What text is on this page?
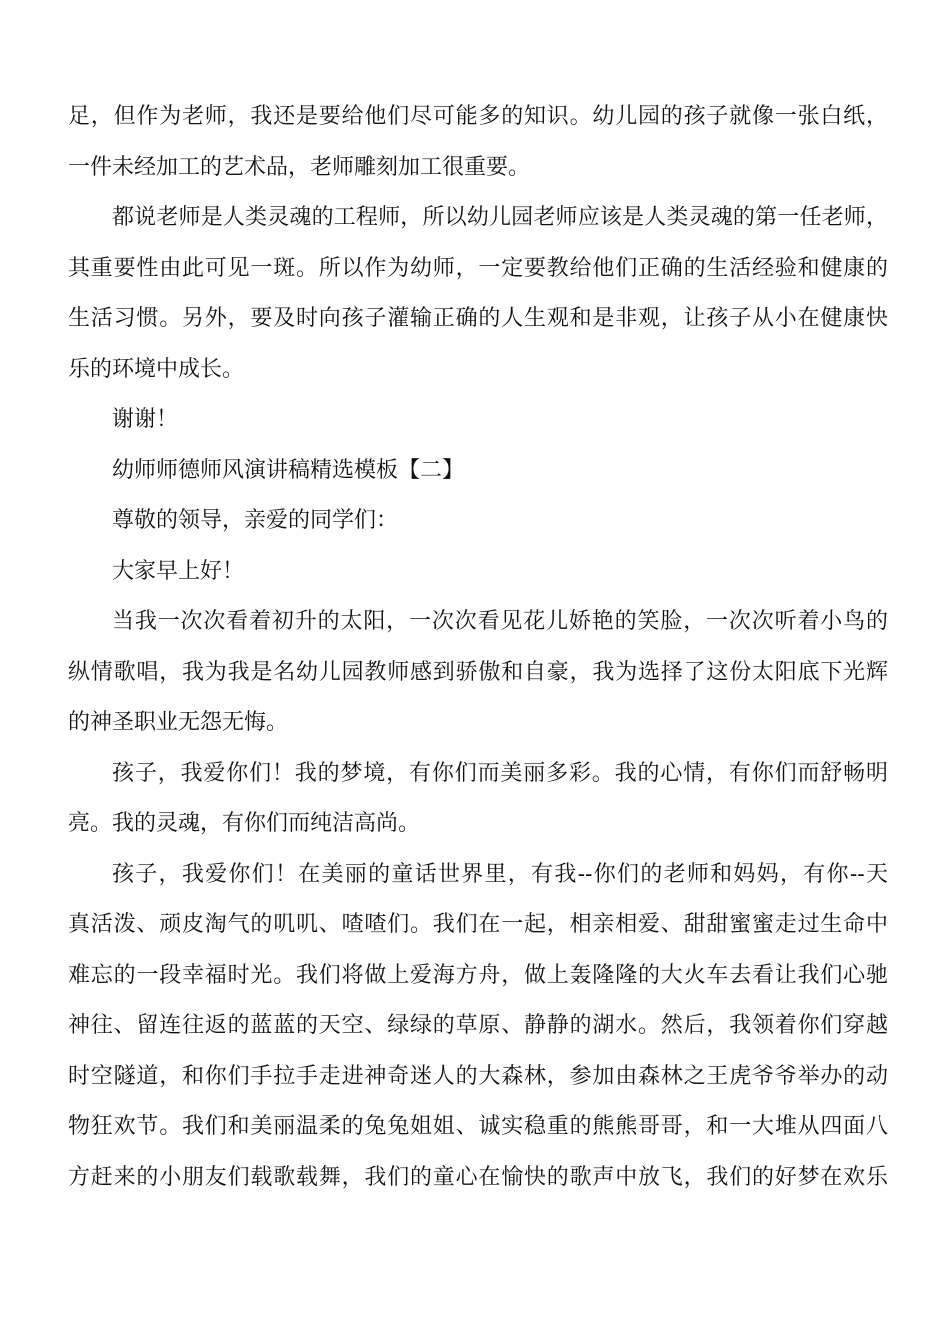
足，但作为老师，我还是要给他们尽可能多的知识。幼儿园的孩子就像一张白纸，
一件未经加工的艺术品，老师雕刻加工很重要。
都说老师是人类灵魂的工程师，所以幼儿园老师应该是人类灵魂的第一任老师，
其重要性由此可见一斑。所以作为幼师，一定要教给他们正确的生活经验和健康的
生活习惯。另外，要及时向孩子灌输正确的人生观和是非观，让孩子从小在健康快
乐的环境中成长。
谢谢！
幼师师德师风演讲稿精选模板【二】
尊敬的领导，亲爱的同学们：
大家早上好！
当我一次次看着初升的太阳，一次次看见花儿娇艳的笑脸，一次次听着小鸟的
纵情歌唱，我为我是名幼儿园教师感到骄傲和自豪，我为选择了这份太阳底下光辉
的神圣职业无怨无悔。
孩子，我爱你们！我的梦境，有你们而美丽多彩。我的心情，有你们而舒畅明
亮。我的灵魂，有你们而纯洁高尚。
孩子，我爱你们！在美丽的童话世界里，有我--你们的老师和妈妈，有你--天
真活泼、顽皮淘气的叽叽、喳喳们。我们在一起，相亲相爱、甜甜蜜蜜走过生命中
难忘的一段幸福时光。我们将做上爱海方舟，做上轰隆隆的大火车去看让我们心驰
神往、留连往返的蓝蓝的天空、绿绿的草原、静静的湖水。然后，我领着你们穿越
时空隧道，和你们手拉手走进神奇迷人的大森林，参加由森林之王虎爷爷举办的动
物狂欢节。我们和美丽温柔的兔兔姐姐、诚实稳重的熊熊哥哥，和一大堆从四面八
方赶来的小朋友们载歌载舞，我们的童心在愉快的歌声中放飞，我们的好梦在欢乐
